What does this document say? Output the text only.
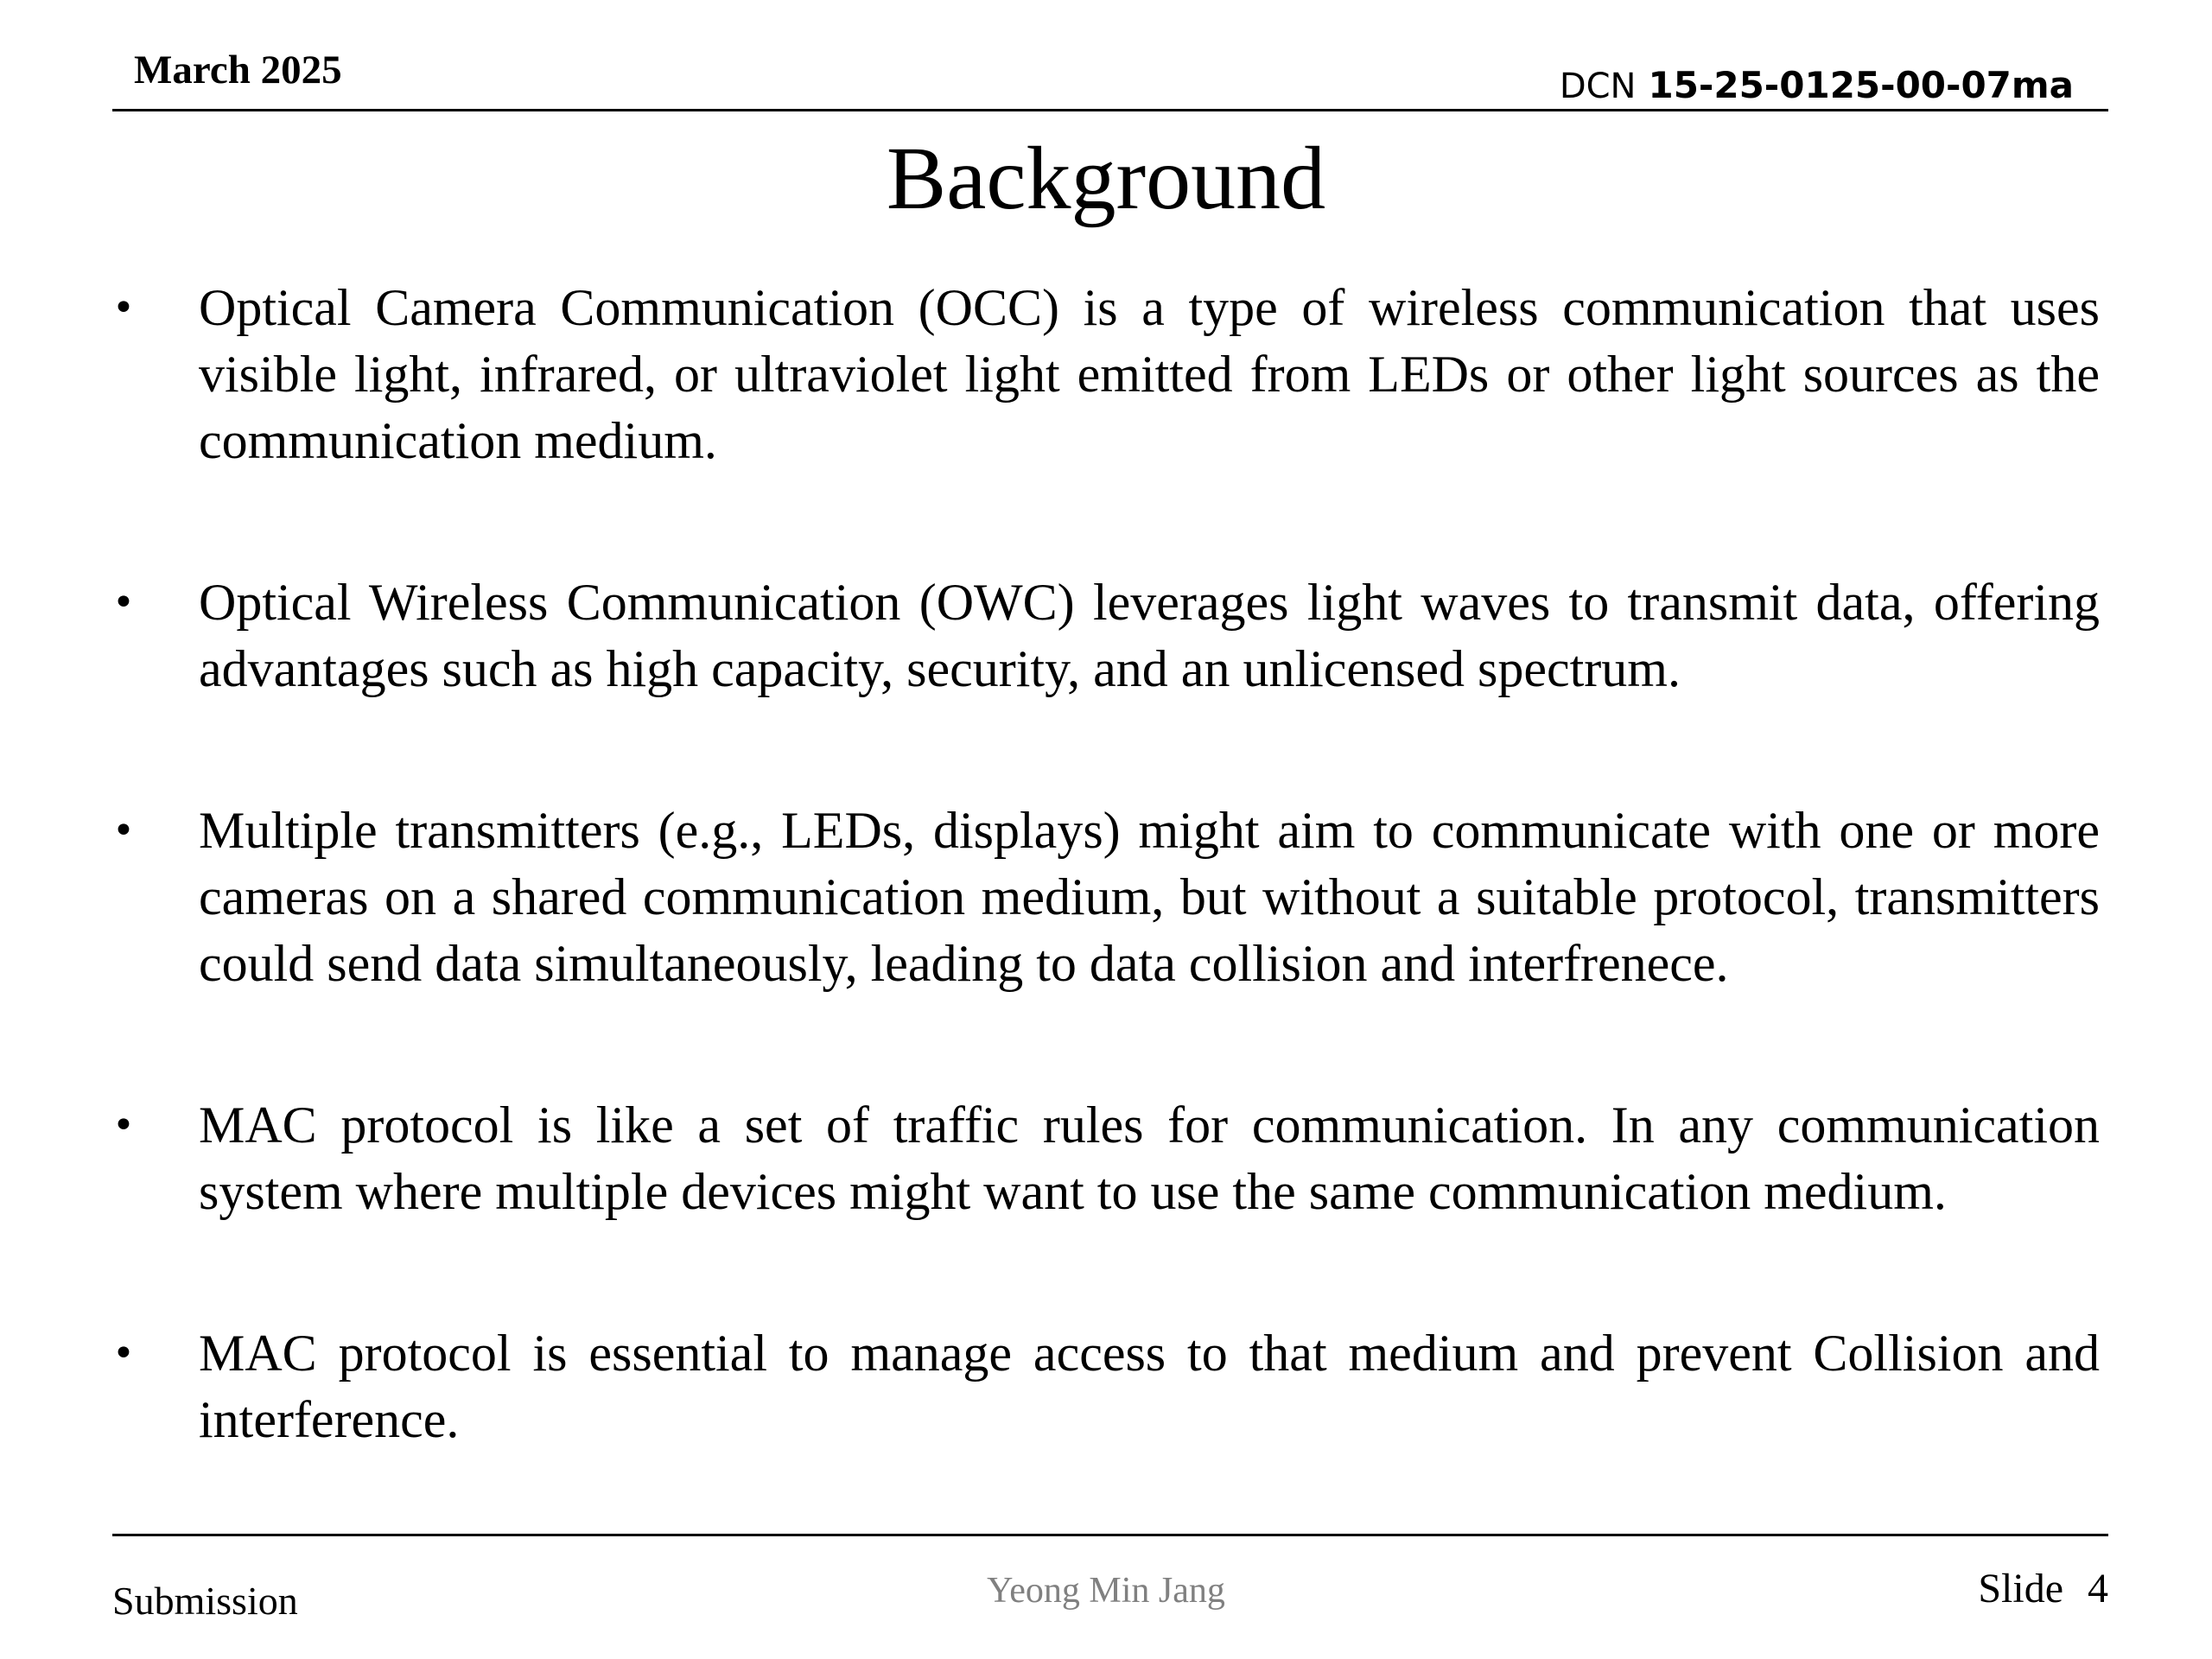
March 2025	DCN 15-25-0125-00-07ma
Background
• Optical Camera Communication (OCC) is a type of wireless communication that uses visible light, infrared, or ultraviolet light emitted from LEDs or other light sources as the communication medium.
• Optical Wireless Communication (OWC) leverages light waves to transmit data, offering advantages such as high capacity, security, and an unlicensed spectrum.
• Multiple transmitters (e.g., LEDs, displays) might aim to communicate with one or more cameras on a shared communication medium, but without a suitable protocol, transmitters could send data simultaneously, leading to data collision and interfrenece.
• MAC protocol is like a set of traffic rules for communication. In any communication system where multiple devices might want to use the same communication medium.
• MAC protocol is essential to manage access to that medium and prevent Collision and interference.
Submission	Yeong Min Jang	Slide 4
